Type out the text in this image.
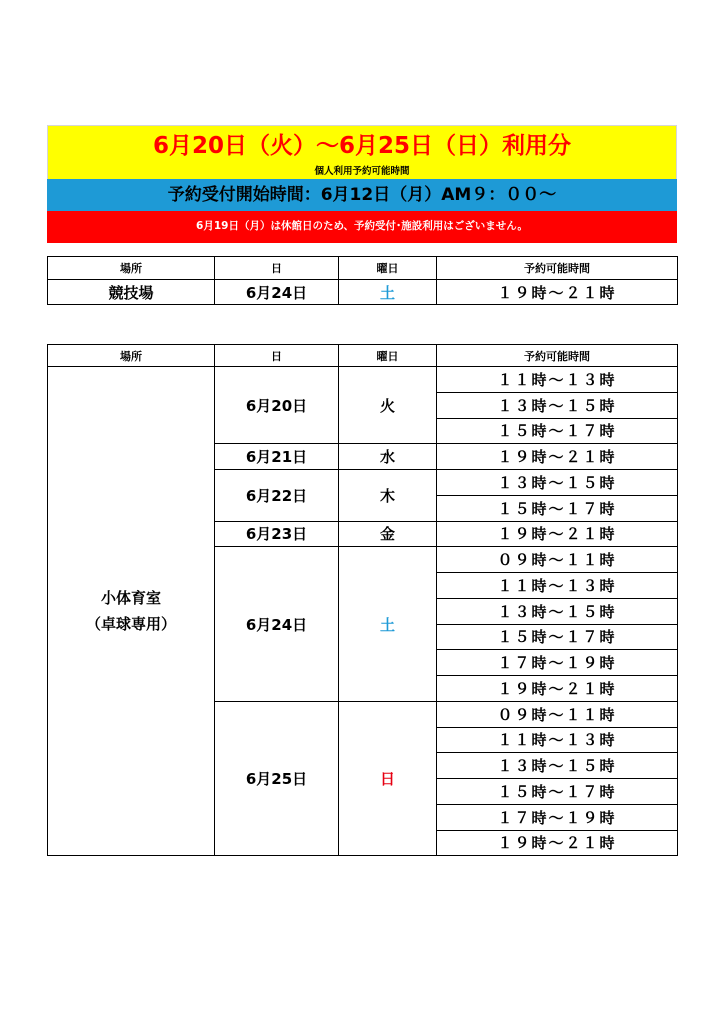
6月20日（火）～6月25日（日）利用分
個人利用予約可能時間
予約受付開始時間：6月12日（月）AM９：００～
6月19日（月）は休館日のため、予約受付･施設利用はございません。
場所	日	曜日	予約可能時間
競技場	6月24日	土	１９時～２１時
場所	日	曜日	予約可能時間

小体育室
（卓球専用）	6月20日	火	１１時～１３時
			１３時～１５時
			１５時～１７時
	6月21日	水	１９時～２１時
	6月22日	木	１３時～１５時
			１５時～１７時
	6月23日	金	１９時～２１時
	6月24日	土	０９時～１１時
			１１時～１３時
			１３時～１５時
			１５時～１７時
			１７時～１９時
			１９時～２１時
	6月25日	日	０９時～１１時
			１１時～１３時
			１３時～１５時
			１５時～１７時
			１７時～１９時
			１９時～２１時
